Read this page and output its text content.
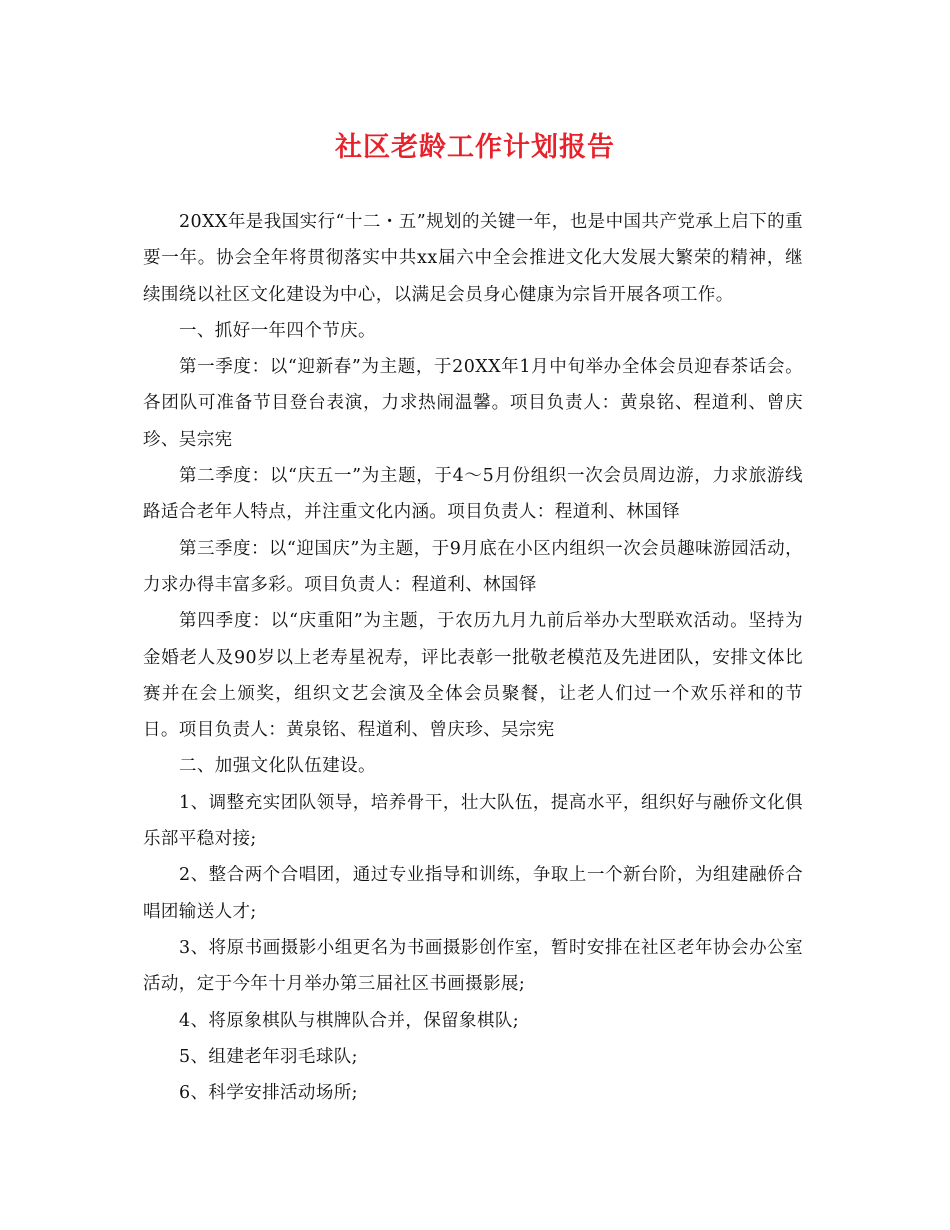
社区老龄工作计划报告

20XX年是我国实行“十二・五”规划的关键一年，也是中国共产党承上启下的重要一年。协会全年将贯彻落实中共xx届六中全会推进文化大发展大繁荣的精神，继续围绕以社区文化建设为中心，以满足会员身心健康为宗旨开展各项工作。

一、抓好一年四个节庆。

第一季度：以“迎新春”为主题，于20XX年1月中旬举办全体会员迎春茶话会。各团队可准备节目登台表演，力求热闹温馨。项目负责人：黄泉铭、程道利、曾庆珍、吴宗宪

第二季度：以“庆五一”为主题，于4～5月份组织一次会员周边游，力求旅游线路适合老年人特点，并注重文化内涵。项目负责人：程道利、林国铎

第三季度：以“迎国庆”为主题，于9月底在小区内组织一次会员趣味游园活动，力求办得丰富多彩。项目负责人：程道利、林国铎

第四季度：以“庆重阳”为主题，于农历九月九前后举办大型联欢活动。坚持为金婚老人及90岁以上老寿星祝寿，评比表彰一批敬老模范及先进团队，安排文体比赛并在会上颁奖，组织文艺会演及全体会员聚餐，让老人们过一个欢乐祥和的节日。项目负责人：黄泉铭、程道利、曾庆珍、吴宗宪

二、加强文化队伍建设。

1、调整充实团队领导，培养骨干，壮大队伍，提高水平，组织好与融侨文化俱乐部平稳对接;

2、整合两个合唱团，通过专业指导和训练，争取上一个新台阶，为组建融侨合唱团输送人才;

3、将原书画摄影小组更名为书画摄影创作室，暂时安排在社区老年协会办公室活动，定于今年十月举办第三届社区书画摄影展;

4、将原象棋队与棋牌队合并，保留象棋队;

5、组建老年羽毛球队;

6、科学安排活动场所;
